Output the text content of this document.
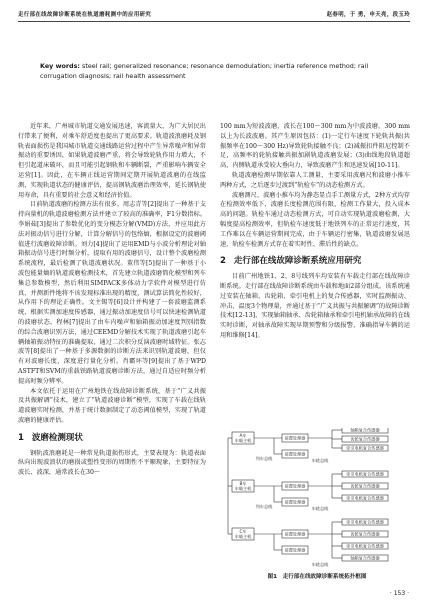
走行部在线故障诊断系统在轨道磨耗测中的应用研究	赵春明，于 勇，申天亮，段玉玲
Key words: steel rail; generalized resonance; resonance demodulation; inertia reference method; rail corrugation diagnosis; rail health assessment

近年来，广州城市轨道交通发展迅速，客流量大，为广大居民出行带来了便利，对乘车舒适度也提出了更高要求。轨道波浪磨耗及钢轨表面损伤是我国城市轨道交通线路运营过程中产生异常噪声和异常振动的重要诱因，如果轨道波磨严重，将会导致轮轨作用力增大，不但引起道床破坏，而且可能引起钢轨和车辆断裂，严重影响车辆安全运营[1]。因此，在车辆正线运营期间定期开展轨道波磨的在线监测，实现轨道状态的健康评估，提高钢轨波磨治理效率，延长钢轨使用寿命，具有重要的社会意义和经济价值。

目前轨道波磨的检测方法有很多。周志青等[2]提出了一种基于支持向量机的轨道波磨检测方法并建立了较高的准确率，F1分数指标。李娟茹[3]提出了参数优化的变分模态分解(VMD)方法，并应用此方法对振动信号进行分解，计算分解信号的包络熵，根据设定的波磨阈值进行波磨故障诊断。刘力[4]提出了运用EMD与小波分析理论对轴箱振动信号进行时频分析，提取有用的波磨信号，设计整个波磨检测系统流程，最后检测了轨道波磨状况。董伟等[5]提出了一种基于小波包能量熵的轨道波磨检测技术，首先建立轨道波磨简化模型和列车集总参数模型，然后利用SIMPACK多体动力学软件对模型进行仿真，并测新件地将不该发现标准出现的精度，测试算法简化性较好，从作用下的理论正确性。文主锡等[6]设计并构建了一套波磨监测系统，根据实测加速度传感器，通过振动加速度信号可以快速检测轨道的波磨状态。程林[7]提出了由车内噪声和轴箱振动加速度判别指数的综合波磨识别方法，通过CEEMD分解技术实现了轨道波磨引起车辆轴箱振动特征的准确提取，通过二次积分反演波磨时域特征。张志波等[8]提出了一种基于多源数据的诊断方法来识别轨道波磨，但仅有对波磨长度，深度进行量化分析。肖霸坏等[9]提出了基于WPD ASTFT和SVM的重载铁路轨道波磨诊断方法，通过自适应时频分析提高时频分辨率。

本文依托于运用在广州地铁在线故障诊断系统，基于“广义共振及共振解调”技术，建立了“轨道波磨诊断”模型，实现了车载在线轨道波磨实时检测，并基于统计数据制定了动态阈值模型，实现了轨道波磨的健康评估。

1 波磨检测现状

钢轨波浪磨耗是一种常见轨道损伤形式，主要表现为：轨道表面纵向出现波浪状的磨损或塑性变形的周期性不平顺现象，主要特征为波长、波深，通常波长在30～

100 mm为短波波磨，波长在100～300 mm为中波波磨，300 mm以上为长波波磨。其产生原因包括：(1)一定行车速度下轮轨共振(共振频率在100～300 Hz)导致轮轨接触不良；(2)减振扣件阻尼控制不足，高频率的轮轨接触共振加剧轨道波磨发展；(3)曲线地段轨道超高，内侧轨道承受较大垂向力，导致波磨产生和迅速发展[10-11]。

轨道波磨检测早期依靠人工测量，主要采用波磨尺和波磨小推车两种方式，之后逐步过渡到“轨检车”的动态检测方式。

波磨测尺、波磨小推车均为静态显点手工测量方式，2种方式均存在检测效率低下，波磨长度检测范围有限，检测工作量大，投入成本高的问题。轨检车通过动态检测方式，可自动实现轨道波磨检测，大幅度提高检测效率，但轨检车速度低于地铁列车的正常运行速度，其工作难以在车辆运营期间完成，由于车辆运行密集，轨道波磨发展迅速，轨检车检测方式存在着实时性、滞后性的缺点。

2 走行部在线故障诊断系统应用研究

目前广州地铁1、2、8号线列车均安装有车载走行部在线故障诊断系统。走行部在线故障诊断系统由车载和地面2部分组成。该系统通过安装在轴箱、齿轮箱、牵引电机上的复合传感器，实时监测振动、冲击、温度3个物理量，并通过基于“广义共振与共振解调”的故障诊断技术[12-13]，实现轴箱轴承、齿轮箱轴承和牵引电机轴承故障的在线实时诊断，对轴承故障实现早期预警和分级报警，准确指导车辆的运用和维修[14]。

A车
车载主机
B车
车载主机
C车
车载主机
列车总线
列车总线
前置处理器
轴箱复合传感器
齿轮复合传感器
牵引电机复合传感器
前置处理器
车轮总线
前置处理器
牵引电机复合传感器
齿轮复合传感器
牵引电机复合传感器
前置处理器
车轮总线
前置处理器
牵引电机复合传感器
齿轮复合传感器
牵引电机复合传感器
轴箱复合传感器
前置处理器
车轮总线
图1　走行部在线故障诊断系统拓扑框图
· 153 ·
